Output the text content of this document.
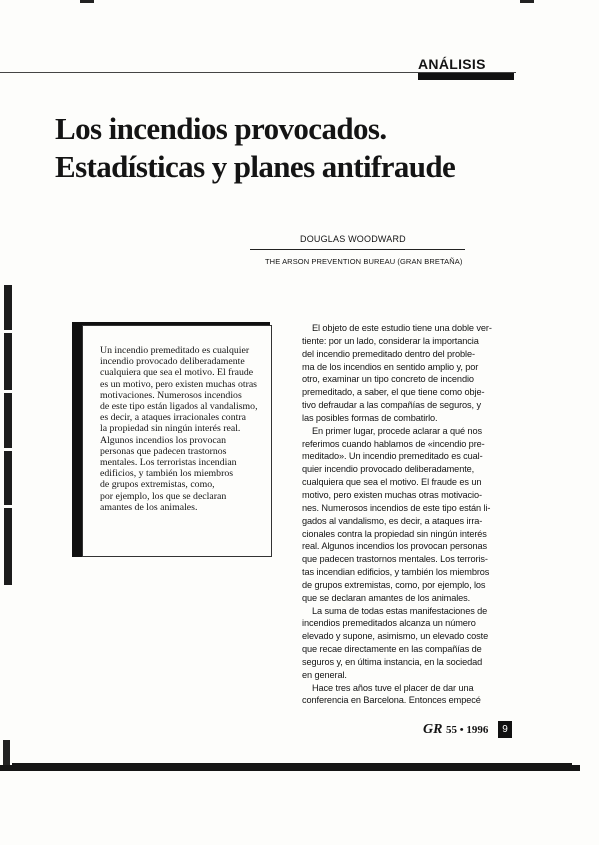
ANÁLISIS
Los incendios provocados.
Estadísticas y planes antifraude
DOUGLAS WOODWARD
THE ARSON PREVENTION BUREAU (GRAN BRETAÑA)
Un incendio premeditado es cualquier
incendio provocado deliberadamente
cualquiera que sea el motivo. El fraude
es un motivo, pero existen muchas otras
motivaciones. Numerosos incendios
de este tipo están ligados al vandalismo,
es decir, a ataques irracionales contra
la propiedad sin ningún interés real.
Algunos incendios los provocan
personas que padecen trastornos
mentales. Los terroristas incendian
edificios, y también los miembros
de grupos extremistas, como,
por ejemplo, los que se declaran
amantes de los animales.
El objeto de este estudio tiene una doble ver-
tiente: por un lado, considerar la importancia
del incendio premeditado dentro del proble-
ma de los incendios en sentido amplio y, por
otro, examinar un tipo concreto de incendio
premeditado, a saber, el que tiene como obje-
tivo defraudar a las compañías de seguros, y
las posibles formas de combatirlo.
En primer lugar, procede aclarar a qué nos
referimos cuando hablamos de «incendio pre-
meditado». Un incendio premeditado es cual-
quier incendio provocado deliberadamente,
cualquiera que sea el motivo. El fraude es un
motivo, pero existen muchas otras motivacio-
nes. Numerosos incendios de este tipo están li-
gados al vandalismo, es decir, a ataques irra-
cionales contra la propiedad sin ningún interés
real. Algunos incendios los provocan personas
que padecen trastornos mentales. Los terroris-
tas incendian edificios, y también los miembros
de grupos extremistas, como, por ejemplo, los
que se declaran amantes de los animales.
La suma de todas estas manifestaciones de
incendios premeditados alcanza un número
elevado y supone, asimismo, un elevado coste
que recae directamente en las compañías de
seguros y, en última instancia, en la sociedad
en general.
Hace tres años tuve el placer de dar una
conferencia en Barcelona. Entonces empecé
GR 55 • 1996	9
